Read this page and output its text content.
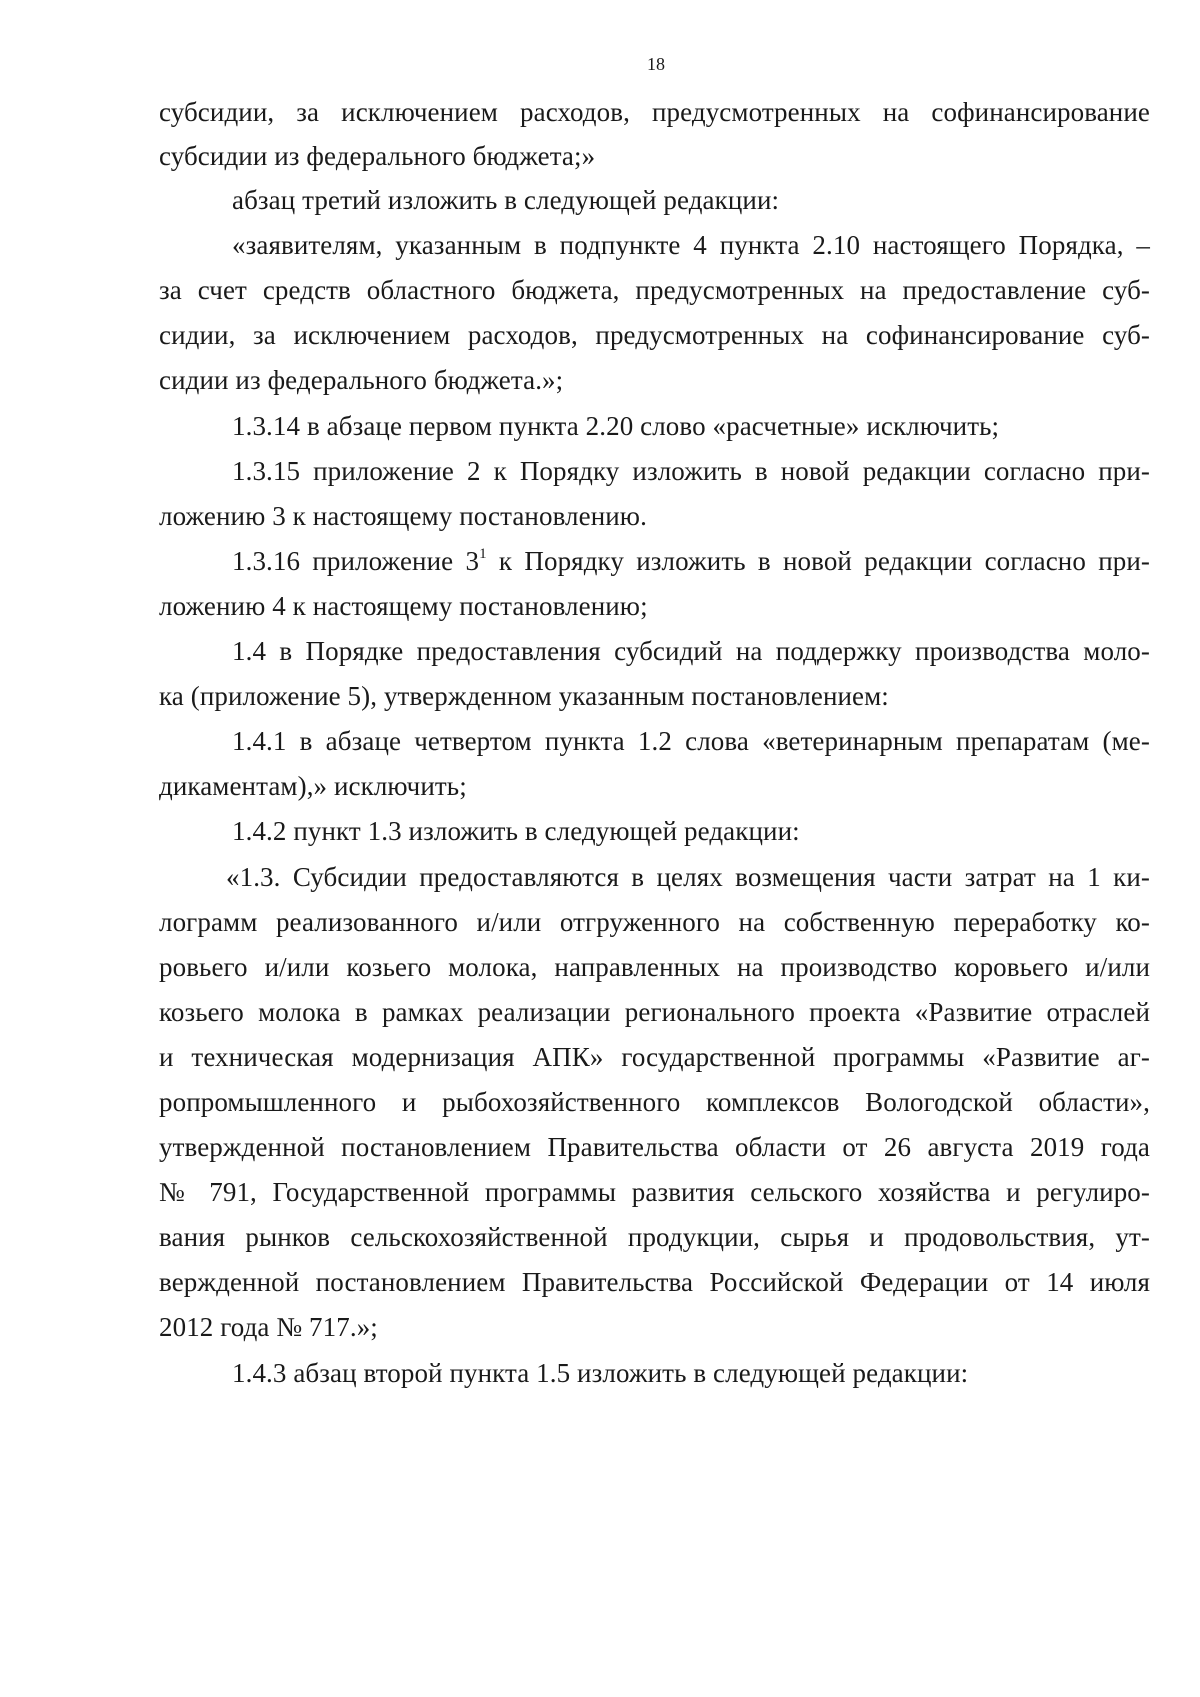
18
субсидии, за исключением расходов, предусмотренных на софинансирование
субсидии из федерального бюджета;»
абзац третий изложить в следующей редакции:
«заявителям, указанным в подпункте 4 пункта 2.10 настоящего Порядка, –
за счет средств областного бюджета, предусмотренных на предоставление суб-
сидии, за исключением расходов, предусмотренных на софинансирование суб-
сидии из федерального бюджета.»;
1.3.14 в абзаце первом пункта 2.20 слово «расчетные» исключить;
1.3.15 приложение 2 к Порядку изложить в новой редакции согласно при-
ложению 3 к настоящему постановлению.
1.3.16 приложение $3^1$ к Порядку изложить в новой редакции согласно при-
ложению 4 к настоящему постановлению;
1.4 в Порядке предоставления субсидий на поддержку производства моло-
ка (приложение 5), утвержденном указанным постановлением:
1.4.1 в абзаце четвертом пункта 1.2 слова «ветеринарным препаратам (ме-
дикаментам),» исключить;
1.4.2 пункт 1.3 изложить в следующей редакции:
«1.3. Субсидии предоставляются в целях возмещения части затрат на 1 ки-
лограмм реализованного и/или отгруженного на собственную переработку ко-
ровьего и/или козьего молока, направленных на производство коровьего и/или
козьего молока в рамках реализации регионального проекта «Развитие отраслей
и техническая модернизация АПК» государственной программы «Развитие аг-
ропромышленного и рыбохозяйственного комплексов Вологодской области»,
утвержденной постановлением Правительства области от 26 августа 2019 года
№ 791, Государственной программы развития сельского хозяйства и регулиро-
вания рынков сельскохозяйственной продукции, сырья и продовольствия, ут-
вержденной постановлением Правительства Российской Федерации от 14 июля
2012 года № 717.»;
1.4.3 абзац второй пункта 1.5 изложить в следующей редакции:
